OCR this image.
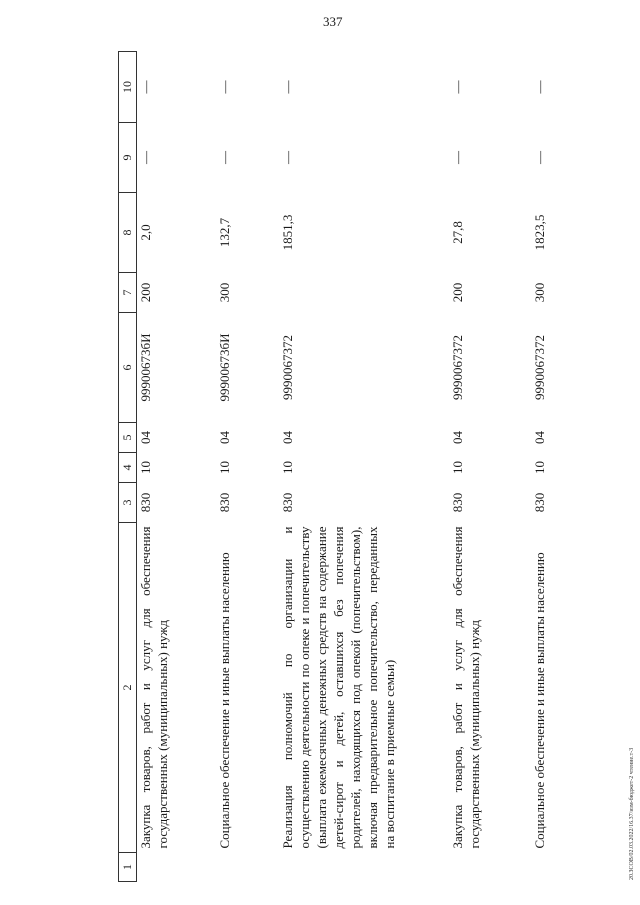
337
20.ЗСОВ/02.03.2022/16.37/изм-бюджет-2 чтение.т-3
1	2	3	4	5	6	7	8	9	10
	Закупка товаров, работ и услуг для обеспечения государственных (муниципальных) нужд	830	10	04	99900673бИ	200	2,0	—	—
	Социальное обеспечение и иные выплаты населению	830	10	04	99900673бИ	300	132,7	—	—
	Реализация полномочий по организации и осуществлению деятельности по опеке и попечительству (выплата ежемесячных денежных средств на содержание детей-сирот и детей, оставшихся без попечения родителей, находящихся под опекой (попечительством), включая предварительное попечительство, переданных на воспитание в приемные семьи)	830	10	04	9990067372		1851,3	—	—
	Закупка товаров, работ и услуг для обеспечения государственных (муниципальных) нужд	830	10	04	9990067372	200	27,8	—	—
	Социальное обеспечение и иные выплаты населению	830	10	04	9990067372	300	1823,5	—	—
